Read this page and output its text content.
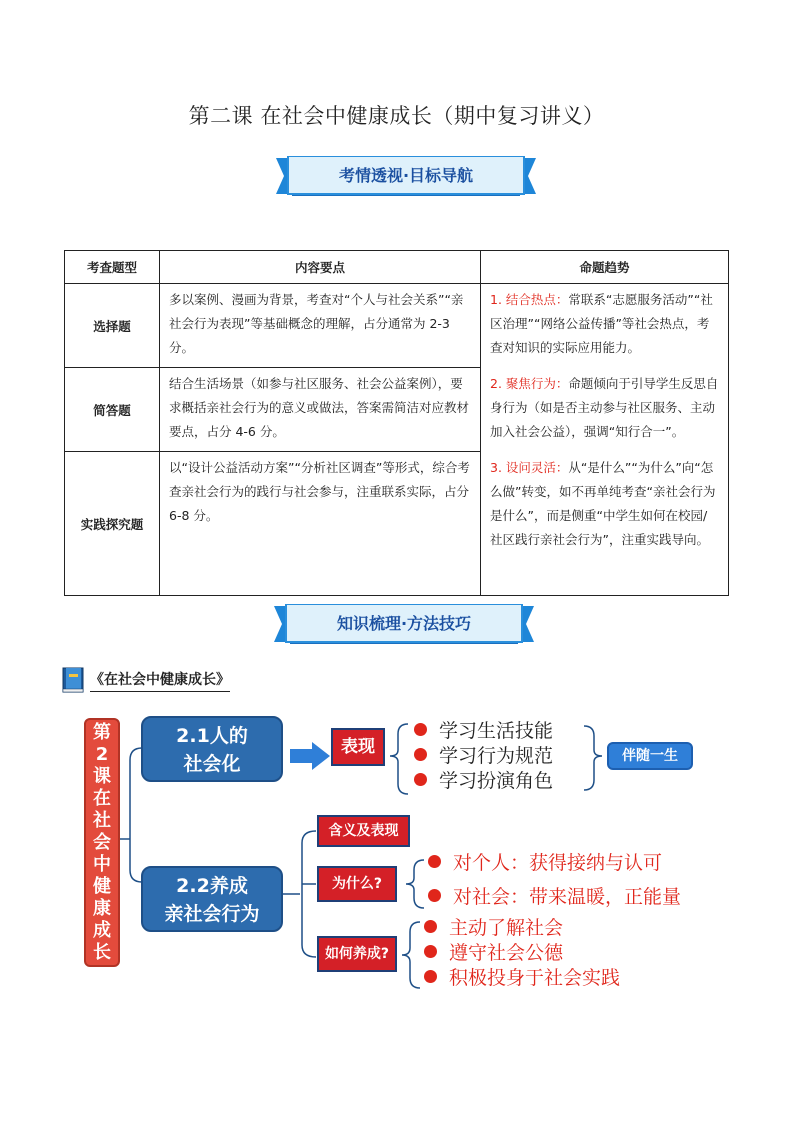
第二课 在社会中健康成长（期中复习讲义）
考情透视·目标导航
考查题型	内容要点	命题趋势
选择题	多以案例、漫画为背景，考查对“个人与社会关系”“亲社会行为表现”等基础概念的理解，占分通常为 2-3 分。	1. 结合热点：常联系“志愿服务活动”“社区治理”“网络公益传播”等社会热点，考查对知识的实际应用能力。
2. 聚焦行为：命题倾向于引导学生反思自身行为（如是否主动参与社区服务、主动加入社会公益），强调“知行合一”。
3. 设问灵活：从“是什么”“为什么”向“怎么做”转变，如不再单纯考查“亲社会行为是什么”，而是侧重“中学生如何在校园/社区践行亲社会行为”，注重实践导向。

简答题	结合生活场景（如参与社区服务、社会公益案例），要求概括亲社会行为的意义或做法，答案需简洁对应教材要点，占分 4-6 分。	
实践探究题	以“设计公益活动方案”“分析社区调查”等形式，综合考查亲社会行为的践行与社会参与，注重联系实际，占分 6-8 分。	
知识梳理·方法技巧
《在社会中健康成长》
第
2
课
在
社
会
中
健
康
成
长
2.1人的
社会化
表现
学习生活技能
学习行为规范
学习扮演角色
伴随一生
2.2养成
亲社会行为
含义及表现
为什么?
如何养成?
对个人：获得接纳与认可
对社会：带来温暖，正能量
主动了解社会
遵守社会公德
积极投身于社会实践
